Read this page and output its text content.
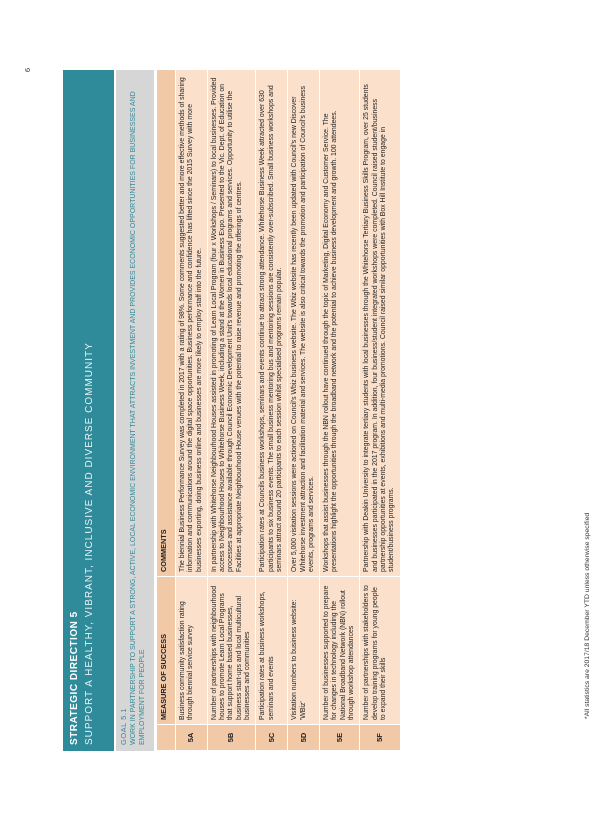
STRATEGIC DIRECTION 5 SUPPORT A HEALTHY, VIBRANT, INCLUSIVE AND DIVERSE COMMUNITY	GOAL 5.1 WORK IN PARTNERSHIP TO SUPPORT A STRONG, ACTIVE, LOCAL ECONOMIC ENVIRONMENT THAT ATTRACTS INVESTMENT AND PROVIDES ECONOMIC OPPORTUNITIES FOR BUSINESSES AND EMPLOYMENT FOR PEOPLE
	MEASURE OF SUCCESS	COMMENTS
5A	Business community satisfaction rating through biennial service survey	The biennial Business Performance Survey was completed in 2017 with a rating of 98%. Some comments suggested better and more effective methods of sharing information and communications around the digital space opportunities. Business performance and confidence has lifted since the 2015 Survey with more businesses exporting, doing business online and businesses are more likely to employ staff into the future.
5B	Number of partnerships with neighbourhood houses to promote Learn Local Programs that support home based businesses, business start-ups and local multicultural businesses and communities	In partnership with Whitehorse Neighbourhood Houses assisted in promoting of Learn Local Program (four x Workshops / Seminars) to local businesses. Provided access to Neighbourhood Houses to Whitehorse Business Week, including a stand at the Women in Business Expo. Presented to the Vic. Dept. of Education on processes and assistance available through Council Economic Development Unit's towards local educational programs and services. Opportunity to utilise the Facilities at appropriate Neighbourhood House venues with the potential to raise revenue and promoting the offerings of centres.
5C	Participation rates at business workshops, seminars and events	Participation rates at Councils business workshops, seminars and events continue to attract strong attendance. Whitehorse Business Week attracted over 630 participants to six business events. The small business mentoring bus and mentoring sessions are consistently over-subscribed. Small business workshops and seminars attract around 20 participants to each session whilst specialised programs remain popular.
5D	Visitation numbers to business website: 'WBiz'	Over 5,000 visitation sessions were actioned on Council's Wbiz business website. The Wbiz website has recently been updated with Council's new Discover Whitehorse investment attraction and facilitation material and services. The website is also critical towards the promotion and participation of Council's business events, programs and services.
5E	Number of businesses supported to prepare for changes in technology including the National Broadband Network (NBN) rollout through workshop attendances	Workshops that assist businesses through the NBN rollout have continued through the topic of Marketing, Digital Economy and Customer Service. The presentations highlight the opportunities through the broadband network and the potential to achieve business development and growth. 100 attendees.
5F	Number of partnerships with stakeholders to develop training programs for young people to expand their skills	Partnership with Deakin University to integrate tertiary students with local businesses through the Whitehorse Tertiary Business Skills Program, over 25 students and businesses participated in the 2017 program. In addition, four business/student integrated workshops were completed. Council raised student/business partnership opportunities at events, exhibitions and multi-media promotions. Council raised similar opportunities with Box Hill Institute to engage in student/business programs.	*All statistics are 2017/18 December YTD unless otherwise specified
6
